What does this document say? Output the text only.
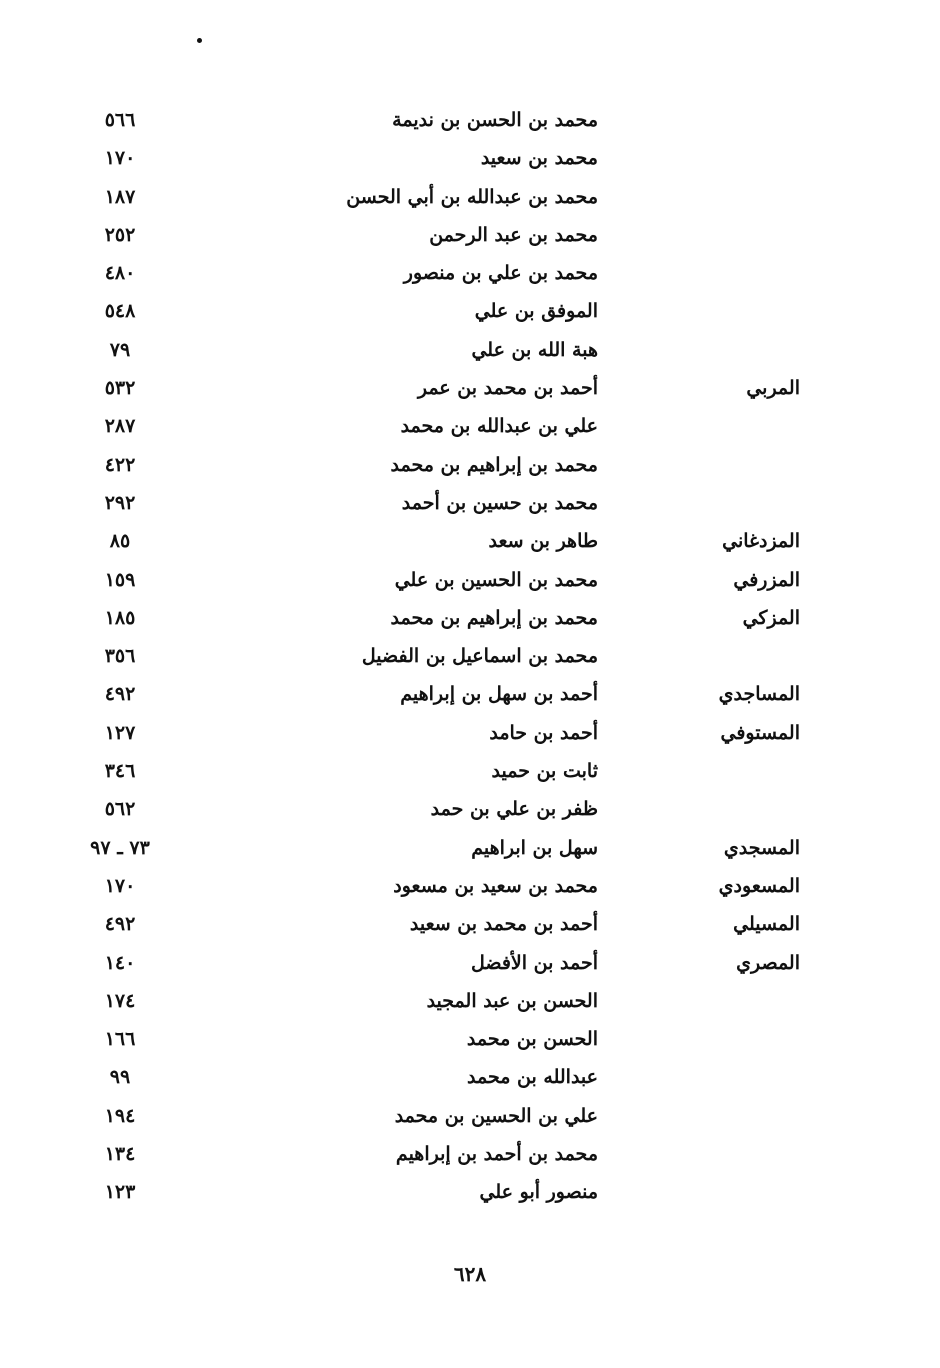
محمد بن الحسن بن نديمة
٥٦٦
محمد بن سعيد
١٧٠
محمد بن عبدالله بن أبي الحسن
١٨٧
محمد بن عبد الرحمن
٢٥٢
محمد بن علي بن منصور
٤٨٠
الموفق بن علي
٥٤٨
هبة الله بن علي
٧٩
المربي
أحمد بن محمد بن عمر
٥٣٢
علي بن عبدالله بن محمد
٢٨٧
محمد بن إبراهيم بن محمد
٤٢٢
محمد بن حسين بن أحمد
٢٩٢
المزدغاني
طاهر بن سعد
٨٥
المزرفي
محمد بن الحسين بن علي
١٥٩
المزكي
محمد بن إبراهيم بن محمد
١٨٥
محمد بن اسماعيل بن الفضيل
٣٥٦
المساجدي
أحمد بن سهل بن إبراهيم
٤٩٢
المستوفي
أحمد بن حامد
١٢٧
ثابت بن حميد
٣٤٦
ظفر بن علي بن حمد
٥٦٢
المسجدي
سهل بن ابراهيم
٧٣ ـ ٩٧
المسعودي
محمد بن سعيد بن مسعود
١٧٠
المسيلي
أحمد بن محمد بن سعيد
٤٩٢
المصري
أحمد بن الأفضل
١٤٠
الحسن بن عبد المجيد
١٧٤
الحسن بن محمد
١٦٦
عبدالله بن محمد
٩٩
علي بن الحسين بن محمد
١٩٤
محمد بن أحمد بن إبراهيم
١٣٤
منصور أبو علي
١٢٣
٦٢٨
